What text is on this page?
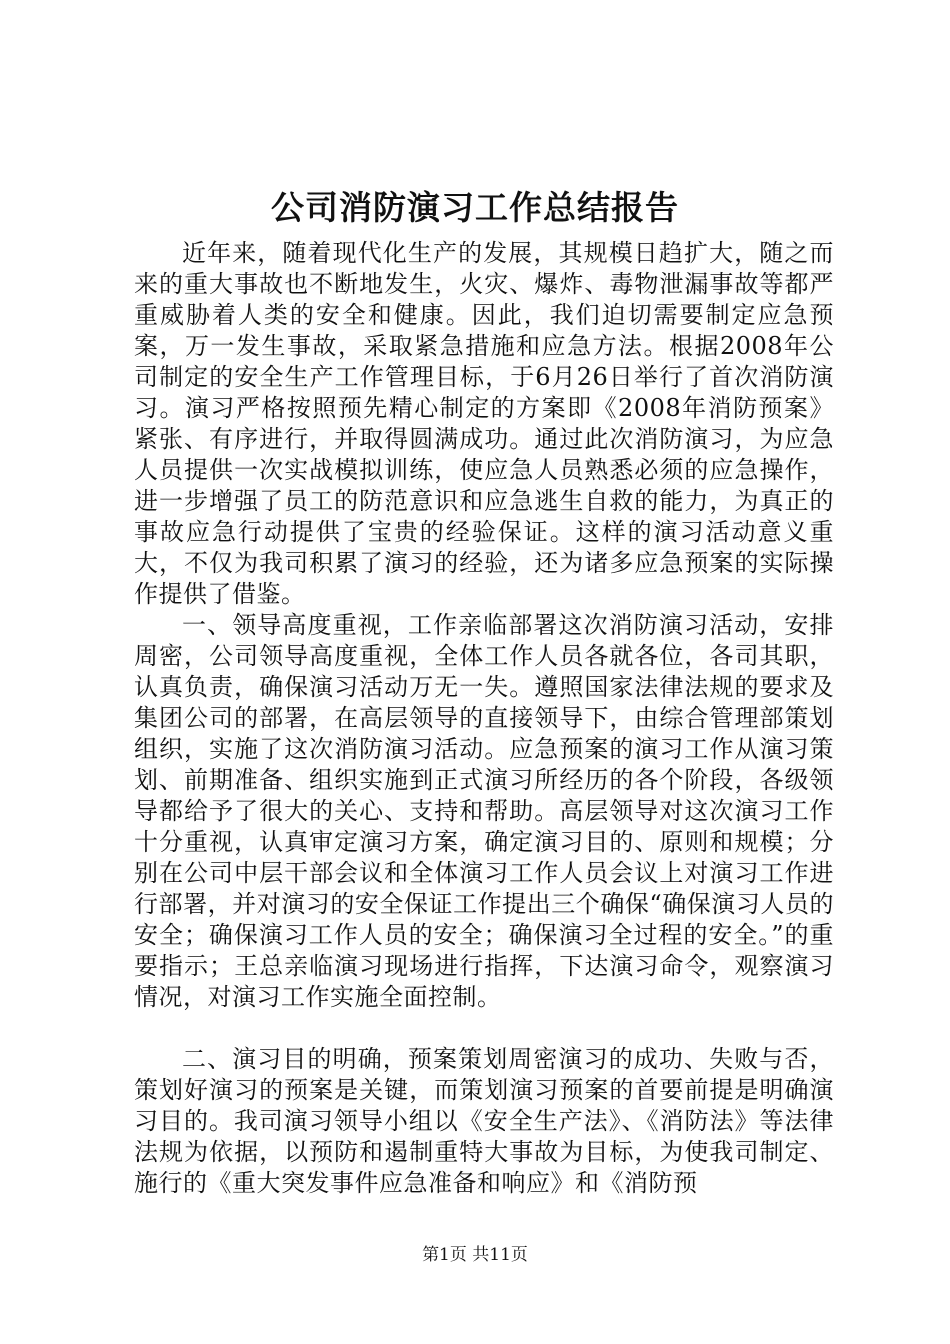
公司消防演习工作总结报告

近年来，随着现代化生产的发展，其规模日趋扩大，随之而来的重大事故也不断地发生，火灾、爆炸、毒物泄漏事故等都严重威胁着人类的安全和健康。因此，我们迫切需要制定应急预案，万一发生事故，采取紧急措施和应急方法。根据2008年公司制定的安全生产工作管理目标，于6月26日举行了首次消防演习。演习严格按照预先精心制定的方案即《2008年消防预案》紧张、有序进行，并取得圆满成功。通过此次消防演习，为应急人员提供一次实战模拟训练，使应急人员熟悉必须的应急操作，进一步增强了员工的防范意识和应急逃生自救的能力，为真正的事故应急行动提供了宝贵的经验保证。这样的演习活动意义重大，不仅为我司积累了演习的经验，还为诸多应急预案的实际操作提供了借鉴。

一、领导高度重视，工作亲临部署这次消防演习活动，安排周密，公司领导高度重视，全体工作人员各就各位，各司其职，认真负责，确保演习活动万无一失。遵照国家法律法规的要求及集团公司的部署，在高层领导的直接领导下，由综合管理部策划组织，实施了这次消防演习活动。应急预案的演习工作从演习策划、前期准备、组织实施到正式演习所经历的各个阶段，各级领导都给予了很大的关心、支持和帮助。高层领导对这次演习工作十分重视，认真审定演习方案，确定演习目的、原则和规模；分别在公司中层干部会议和全体演习工作人员会议上对演习工作进行部署，并对演习的安全保证工作提出三个确保“确保演习人员的安全；确保演习工作人员的安全；确保演习全过程的安全。”的重要指示；王总亲临演习现场进行指挥，下达演习命令，观察演习情况，对演习工作实施全面控制。

二、演习目的明确，预案策划周密演习的成功、失败与否，策划好演习的预案是关键，而策划演习预案的首要前提是明确演习目的。我司演习领导小组以《安全生产法》、《消防法》等法律法规为依据，以预防和遏制重特大事故为目标，为使我司制定、施行的《重大突发事件应急准备和响应》和《消防预

第1页 共11页
